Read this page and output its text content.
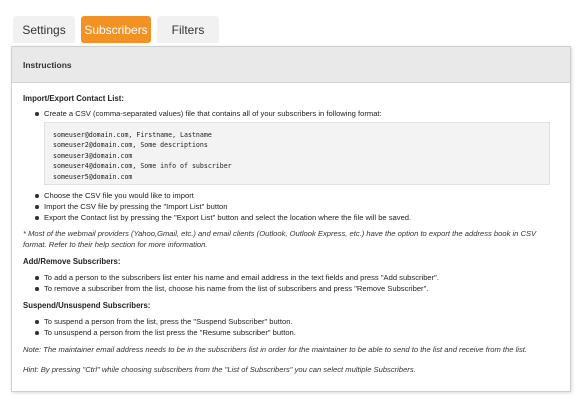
Settings	Subscribers	Filters
Instructions
Import/Export Contact List:
Create a CSV (comma-separated values) file that contains all of your subscribers in following format:
someuser@domain.com, Firstname, Lastname
someuser2@domain.com, Some descriptions
someuser3@domain.com
someuser4@domain.com, Some info of subscriber
someuser5@domain.com
Choose the CSV file you would like to import
Import the CSV file by pressing the "Import List" button
Export the Contact list by pressing the "Export List" button and select the location where the file will be saved.
* Most of the webmail providers (Yahoo,Gmail, etc.) and email clients (Outlook, Outlook Express, etc.) have the option to export the address book in CSV format. Refer to their help section for more information.
Add/Remove Subscribers:
To add a person to the subscribers list enter his name and email address in the text fields and press "Add subscriber".
To remove a subscriber from the list, choose his name from the list of subscribers and press "Remove Subscriber".
Suspend/Unsuspend Subscribers:
To suspend a person from the list, press the "Suspend Subscriber" button.
To unsuspend a person from the list press the "Resume subscriber" button.
Note: The maintainer email address needs to be in the subscribers list in order for the maintainer to be able to send to the list and receive from the list.
Hint: By pressing "Ctrl" while choosing subscribers from the "List of Subscribers" you can select multiple Subscribers.
